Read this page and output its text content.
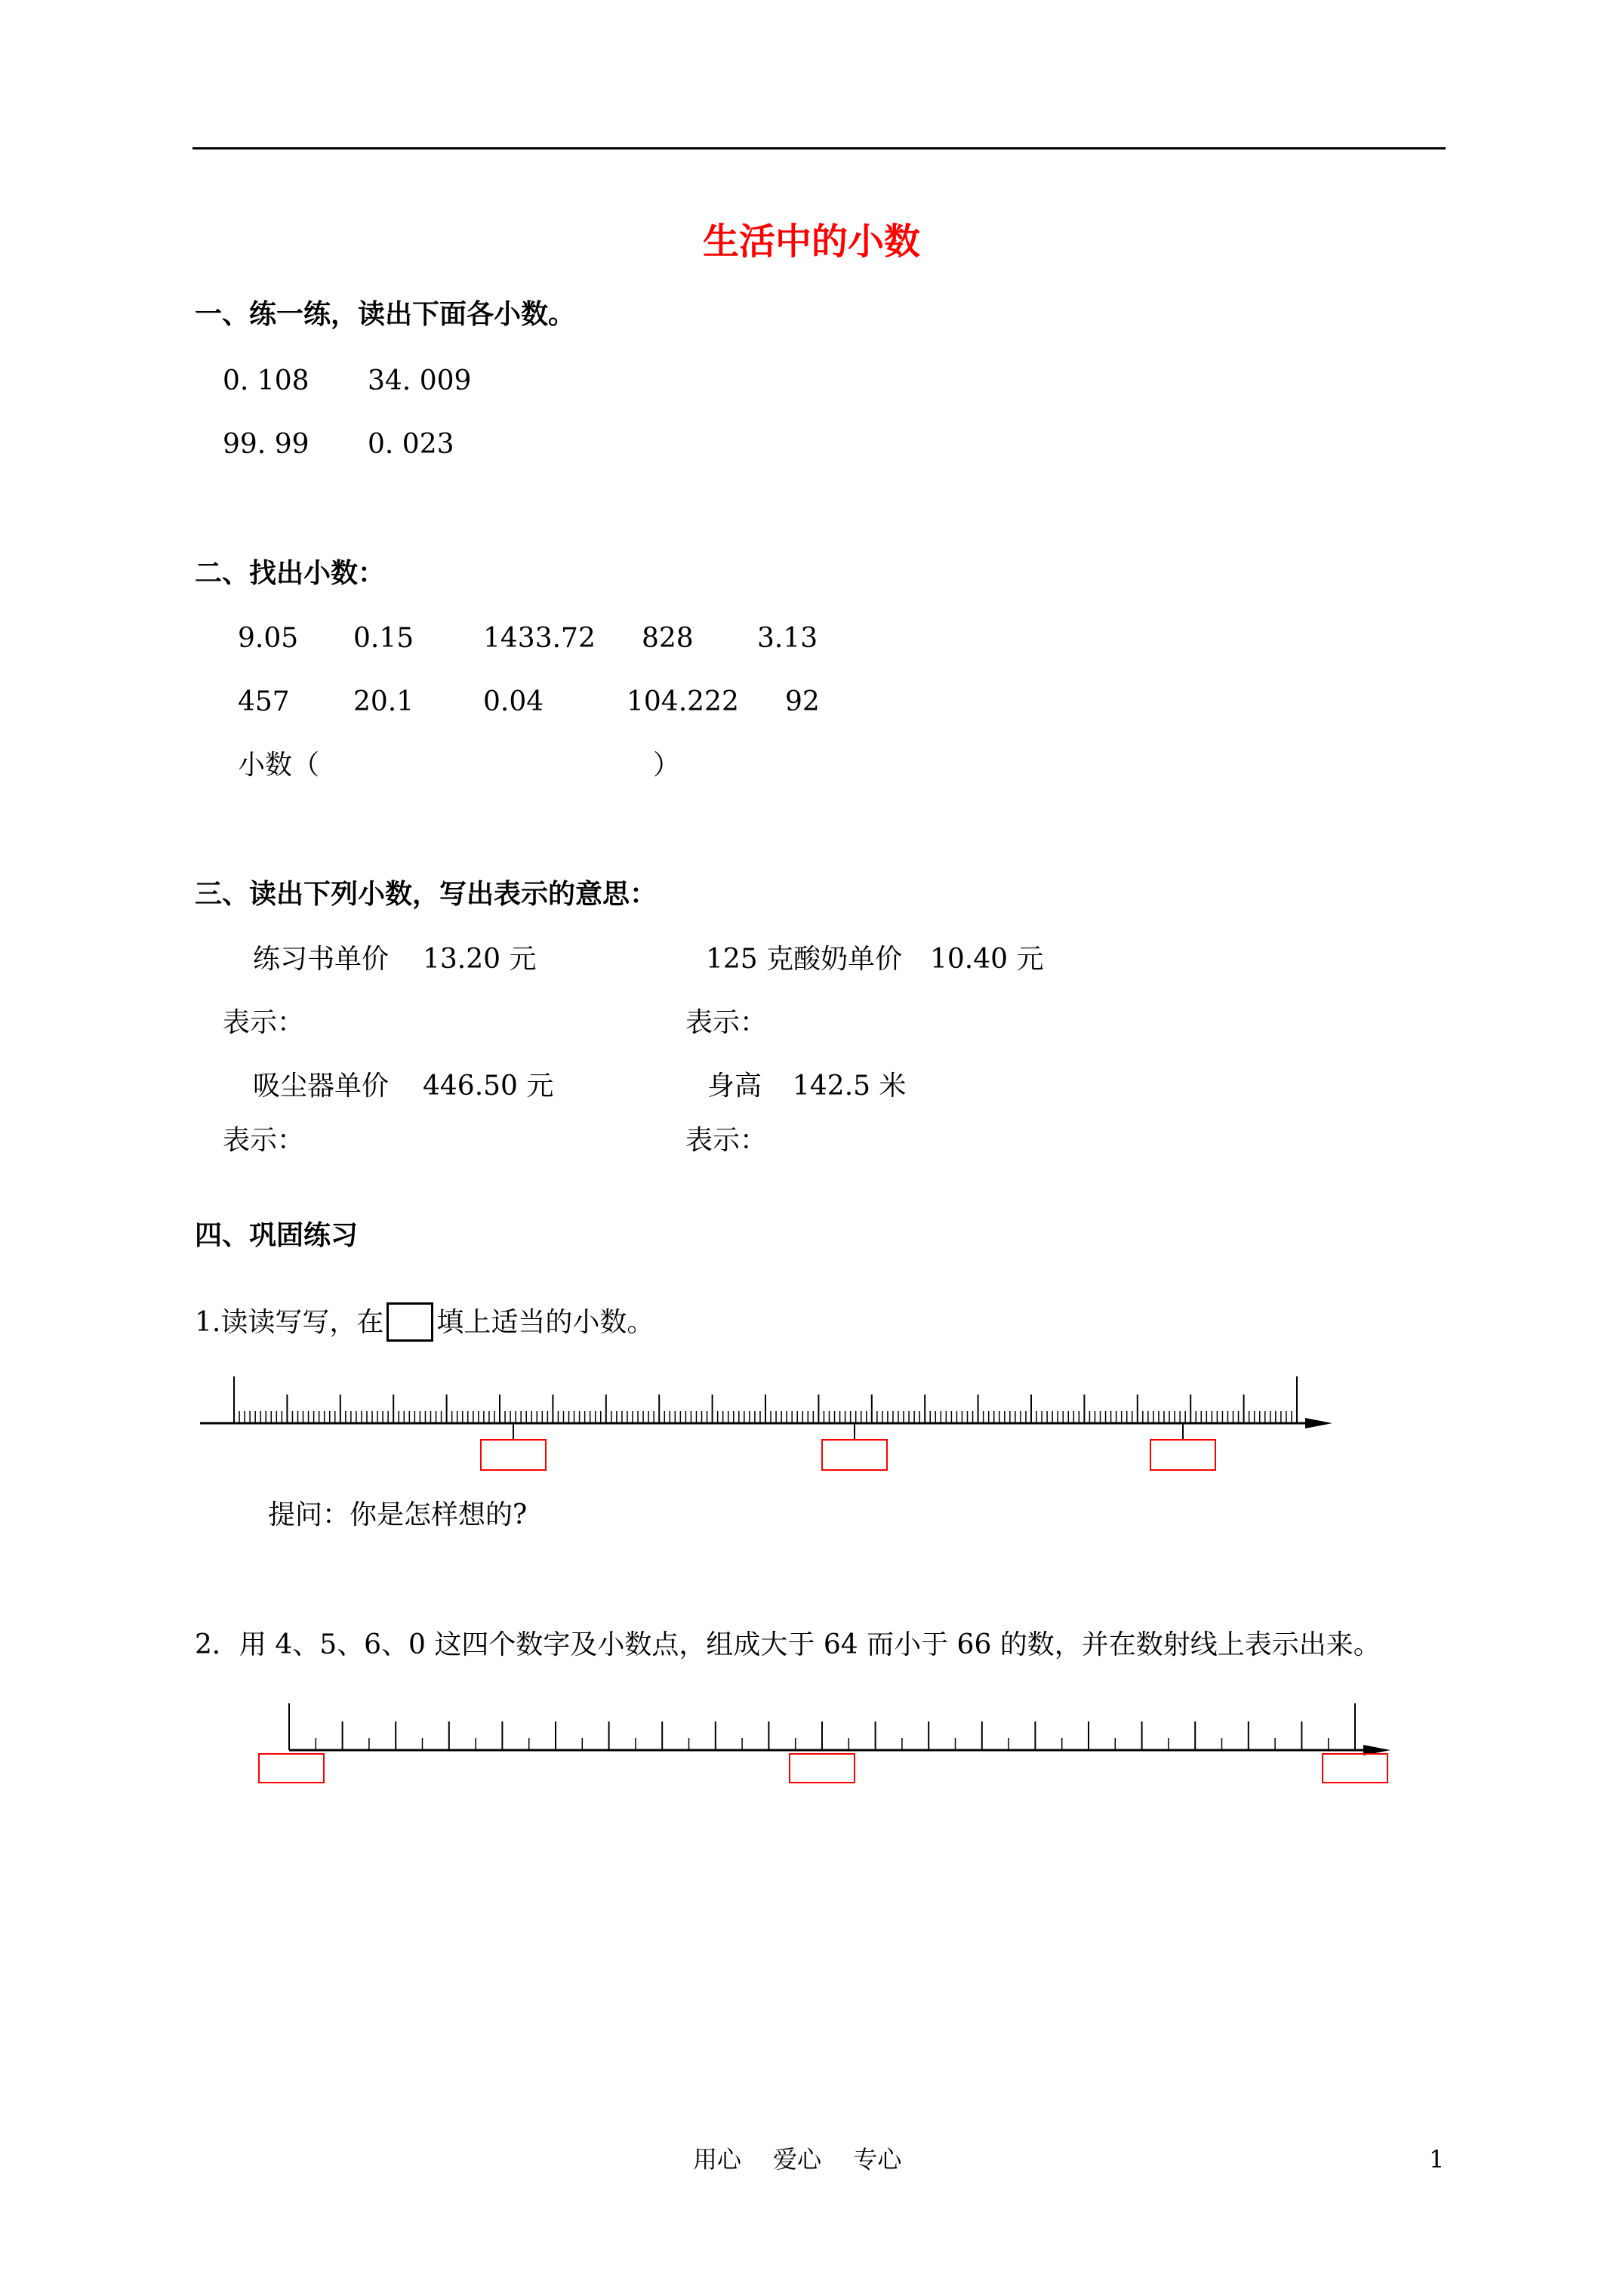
生活中的小数
一、练一练，读出下面各小数。
0. 108 34. 009
99. 99 0. 023
二、找出小数：
9.05 0.15	1433.72 828 3.13
457 20.1	0.04	104.222 92
小数（	）
三、读出下列小数，写出表示的意思：
练习书单价 13.20 元	125 克酸奶单价 10.40 元
表示：	表示：
吸尘器单价 446.50 元	身高 142.5 米
表示：	表示：
四、巩固练习
1.读读写写，在 填上适当的小数。
提问：你是怎样想的?
2．用 4、5、6、0 这四个数字及小数点，组成大于 64 而小于 66 的数，并在数射线上表示出来。
用心　 爱心　 专心	1
